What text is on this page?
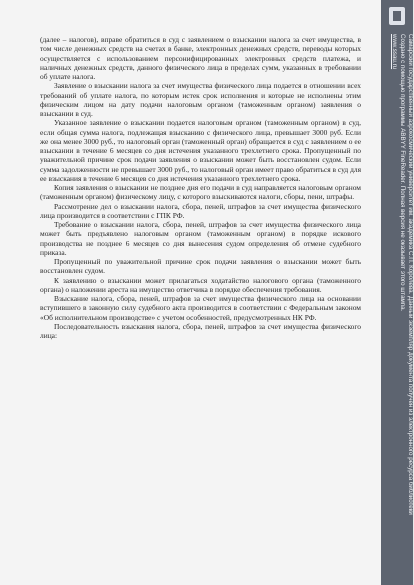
(далее – налогов), вправе обратиться в суд с заявлением о взыскании налога за счет имущества, в том числе денежных средств на счетах в банке, электронных денежных средств, переводы которых осуществляется с использованием персонифицированных электронных средств платежа, и наличных денежных средств, данного физического лица в пределах сумм, указанных в требовании об уплате налога.

Заявление о взыскании налога за счет имущества физического лица подается в отношении всех требований об уплате налога, по которым истек срок исполнения и которые не исполнены этим физическим лицом на дату подачи налоговым органом (таможенным органом) заявления о взыскании в суд.

Указанное заявление о взыскании подается налоговым органом (таможенным органом) в суд, если общая сумма налога, подлежащая взысканию с физического лица, превышает 3000 руб. Если же она менее 3000 руб., то налоговый орган (таможенный орган) обращается в суд с заявлением о ее взыскании в течение 6 месяцев со дня истечения указанного трехлетнего срока. Пропущенный по уважительной причине срок подачи заявления о взыскании может быть восстановлен судом. Если сумма задолженности не превышает 3000 руб., то налоговый орган имеет право обратиться в суд для ее взыскания в течение 6 месяцев со дня истечения указанного трехлетнего срока.

Копия заявления о взыскании не позднее дня его подачи в суд направляется налоговым органом (таможенным органом) физическому лицу, с которого взыскиваются налоги, сборы, пени, штрафы.

Рассмотрение дел о взыскании налога, сбора, пеней, штрафов за счет имущества физического лица производится в соответствии с ГПК РФ.

Требование о взыскании налога, сбора, пеней, штрафов за счет имущества физического лица может быть предъявлено налоговым органом (таможенным органом) в порядке искового производства не позднее 6 месяцев со дня вынесения судом определения об отмене судебного приказа.

Пропущенный по уважительной причине срок подачи заявления о взыскании может быть восстановлен судом.

К заявлению о взыскании может прилагаться ходатайство налогового органа (таможенного органа) о наложении ареста на имущество ответчика в порядке обеспечения требования.

Взыскание налога, сбора, пеней, штрафов за счет имущества физического лица на основании вступившего в законную силу судебного акта производится в соответствии с Федеральным законом «Об исполнительном производстве» с учетом особенностей, предусмотренных НК РФ.

Последовательность взыскания налога, сбора, пеней, штрафов за счет имущества физического лица:	Самарский государственный аэрокосмический университет им. академика С.П. Королева. Данный экземпляр документа получен из электронного ресурса библиотеки
Создано с помощью программы ABBYY FineReader. Полная версия не оказывает этого штампа.
www.ssau.ru
